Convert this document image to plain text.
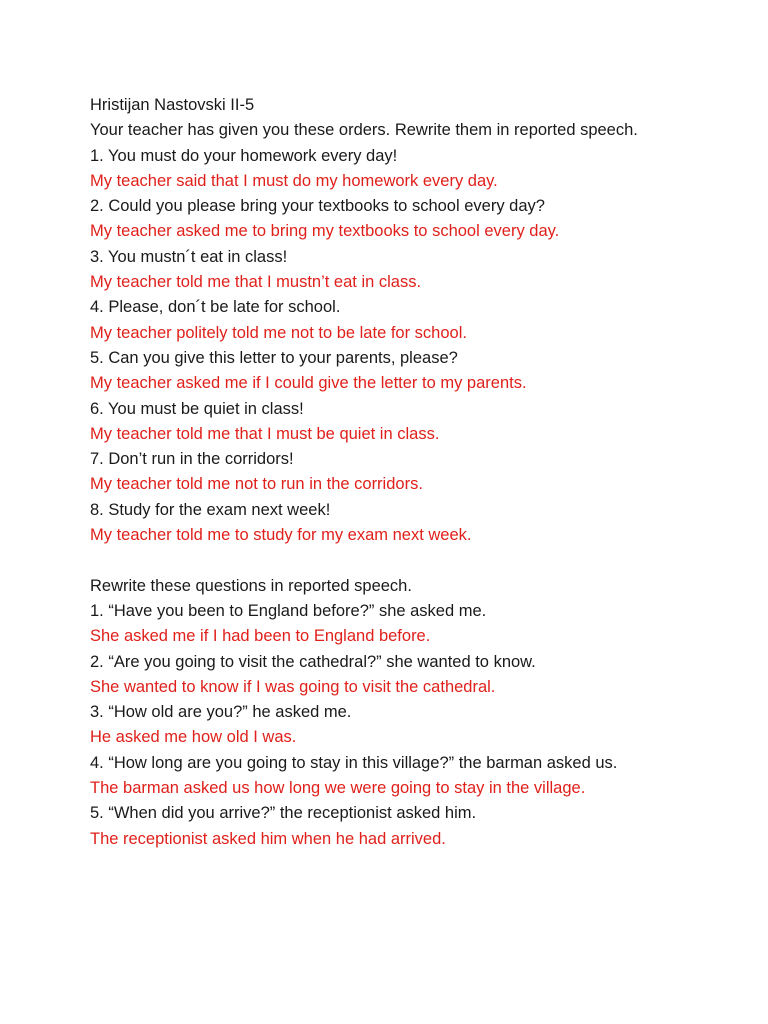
Hristijan Nastovski II-5
Your teacher has given you these orders. Rewrite them in reported speech.
1. You must do your homework every day!
My teacher said that I must do my homework every day.
2. Could you please bring your textbooks to school every day?
My teacher asked me to bring my textbooks to school every day.
3. You mustn´t eat in class!
My teacher told me that I mustn’t eat in class.
4. Please, don´t be late for school.
My teacher politely told me not to be late for school.
5. Can you give this letter to your parents, please?
My teacher asked me if I could give the letter to my parents.
6. You must be quiet in class!
My teacher told me that I must be quiet in class.
7. Don’t run in the corridors!
My teacher told me not to run in the corridors.
8. Study for the exam next week!
My teacher told me to study for my exam next week.
Rewrite these questions in reported speech.
1. “Have you been to England before?” she asked me.
She asked me if I had been to England before.
2. “Are you going to visit the cathedral?” she wanted to know.
She wanted to know if I was going to visit the cathedral.
3. “How old are you?” he asked me.
He asked me how old I was.
4. “How long are you going to stay in this village?” the barman asked us.
The barman asked us how long we were going to stay in the village.
5. “When did you arrive?” the receptionist asked him.
The receptionist asked him when he had arrived.
